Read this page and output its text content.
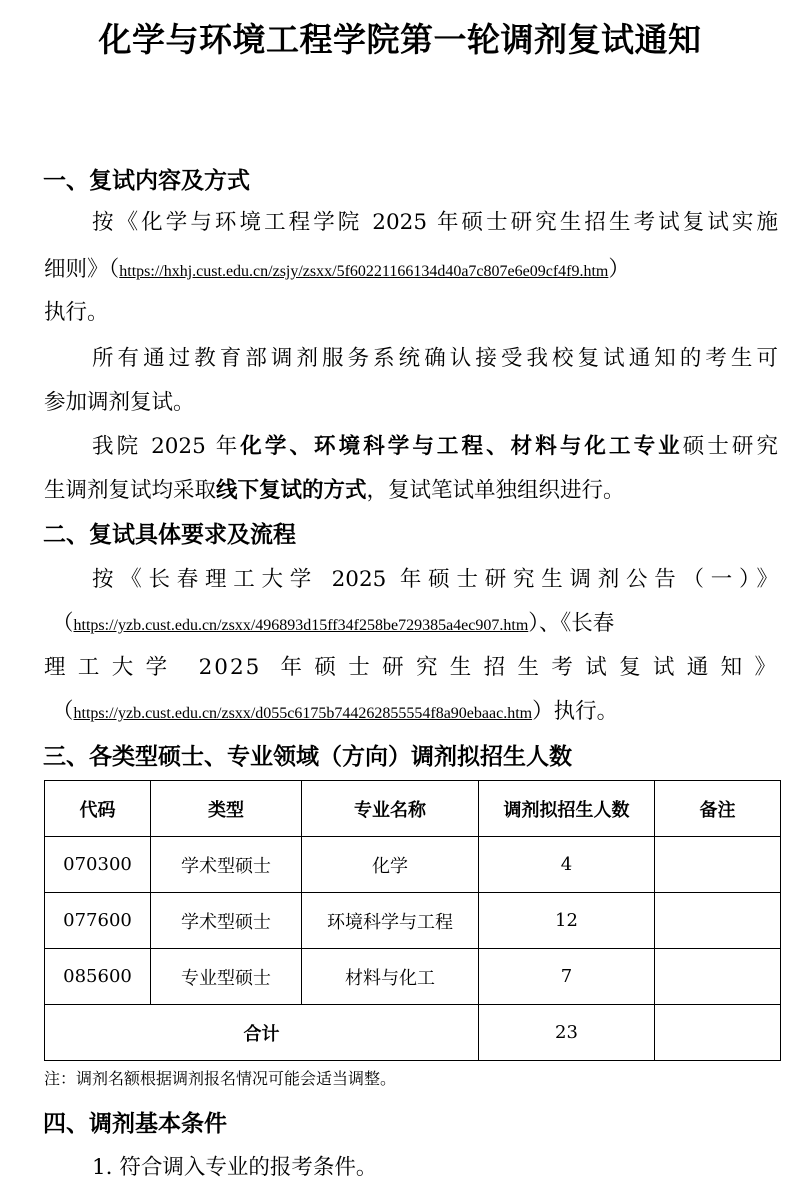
化学与环境工程学院第一轮调剂复试通知
一、复试内容及方式
按《化学与环境工程学院 2025 年硕士研究生招生考试复试实施
细则》（https://hxhj.cust.edu.cn/zsjy/zsxx/5f60221166134d40a7c807e6e09cf4f9.htm）
执行。
所有通过教育部调剂服务系统确认接受我校复试通知的考生可
参加调剂复试。
我院 2025 年化学、环境科学与工程、材料与化工专业硕士研究
生调剂复试均采取线下复试的方式，复试笔试单独组织进行。
二、复试具体要求及流程
按《长春理工大学 2025 年硕士研究生调剂公告（一）》
（https://yzb.cust.edu.cn/zsxx/496893d15ff34f258be729385a4ec907.htm）、《长春
理工大学 2025 年硕士研究生招生考试复试通知》
（https://yzb.cust.edu.cn/zsxx/d055c6175b744262855554f8a90ebaac.htm）执行。
三、各类型硕士、专业领域（方向）调剂拟招生人数
代码	类型	专业名称	调剂拟招生人数	备注
070300	学术型硕士	化学	4	
077600	学术型硕士	环境科学与工程	12	
085600	专业型硕士	材料与化工	7	
合计			23	
注：调剂名额根据调剂报名情况可能会适当调整。
四、调剂基本条件
1. 符合调入专业的报考条件。
